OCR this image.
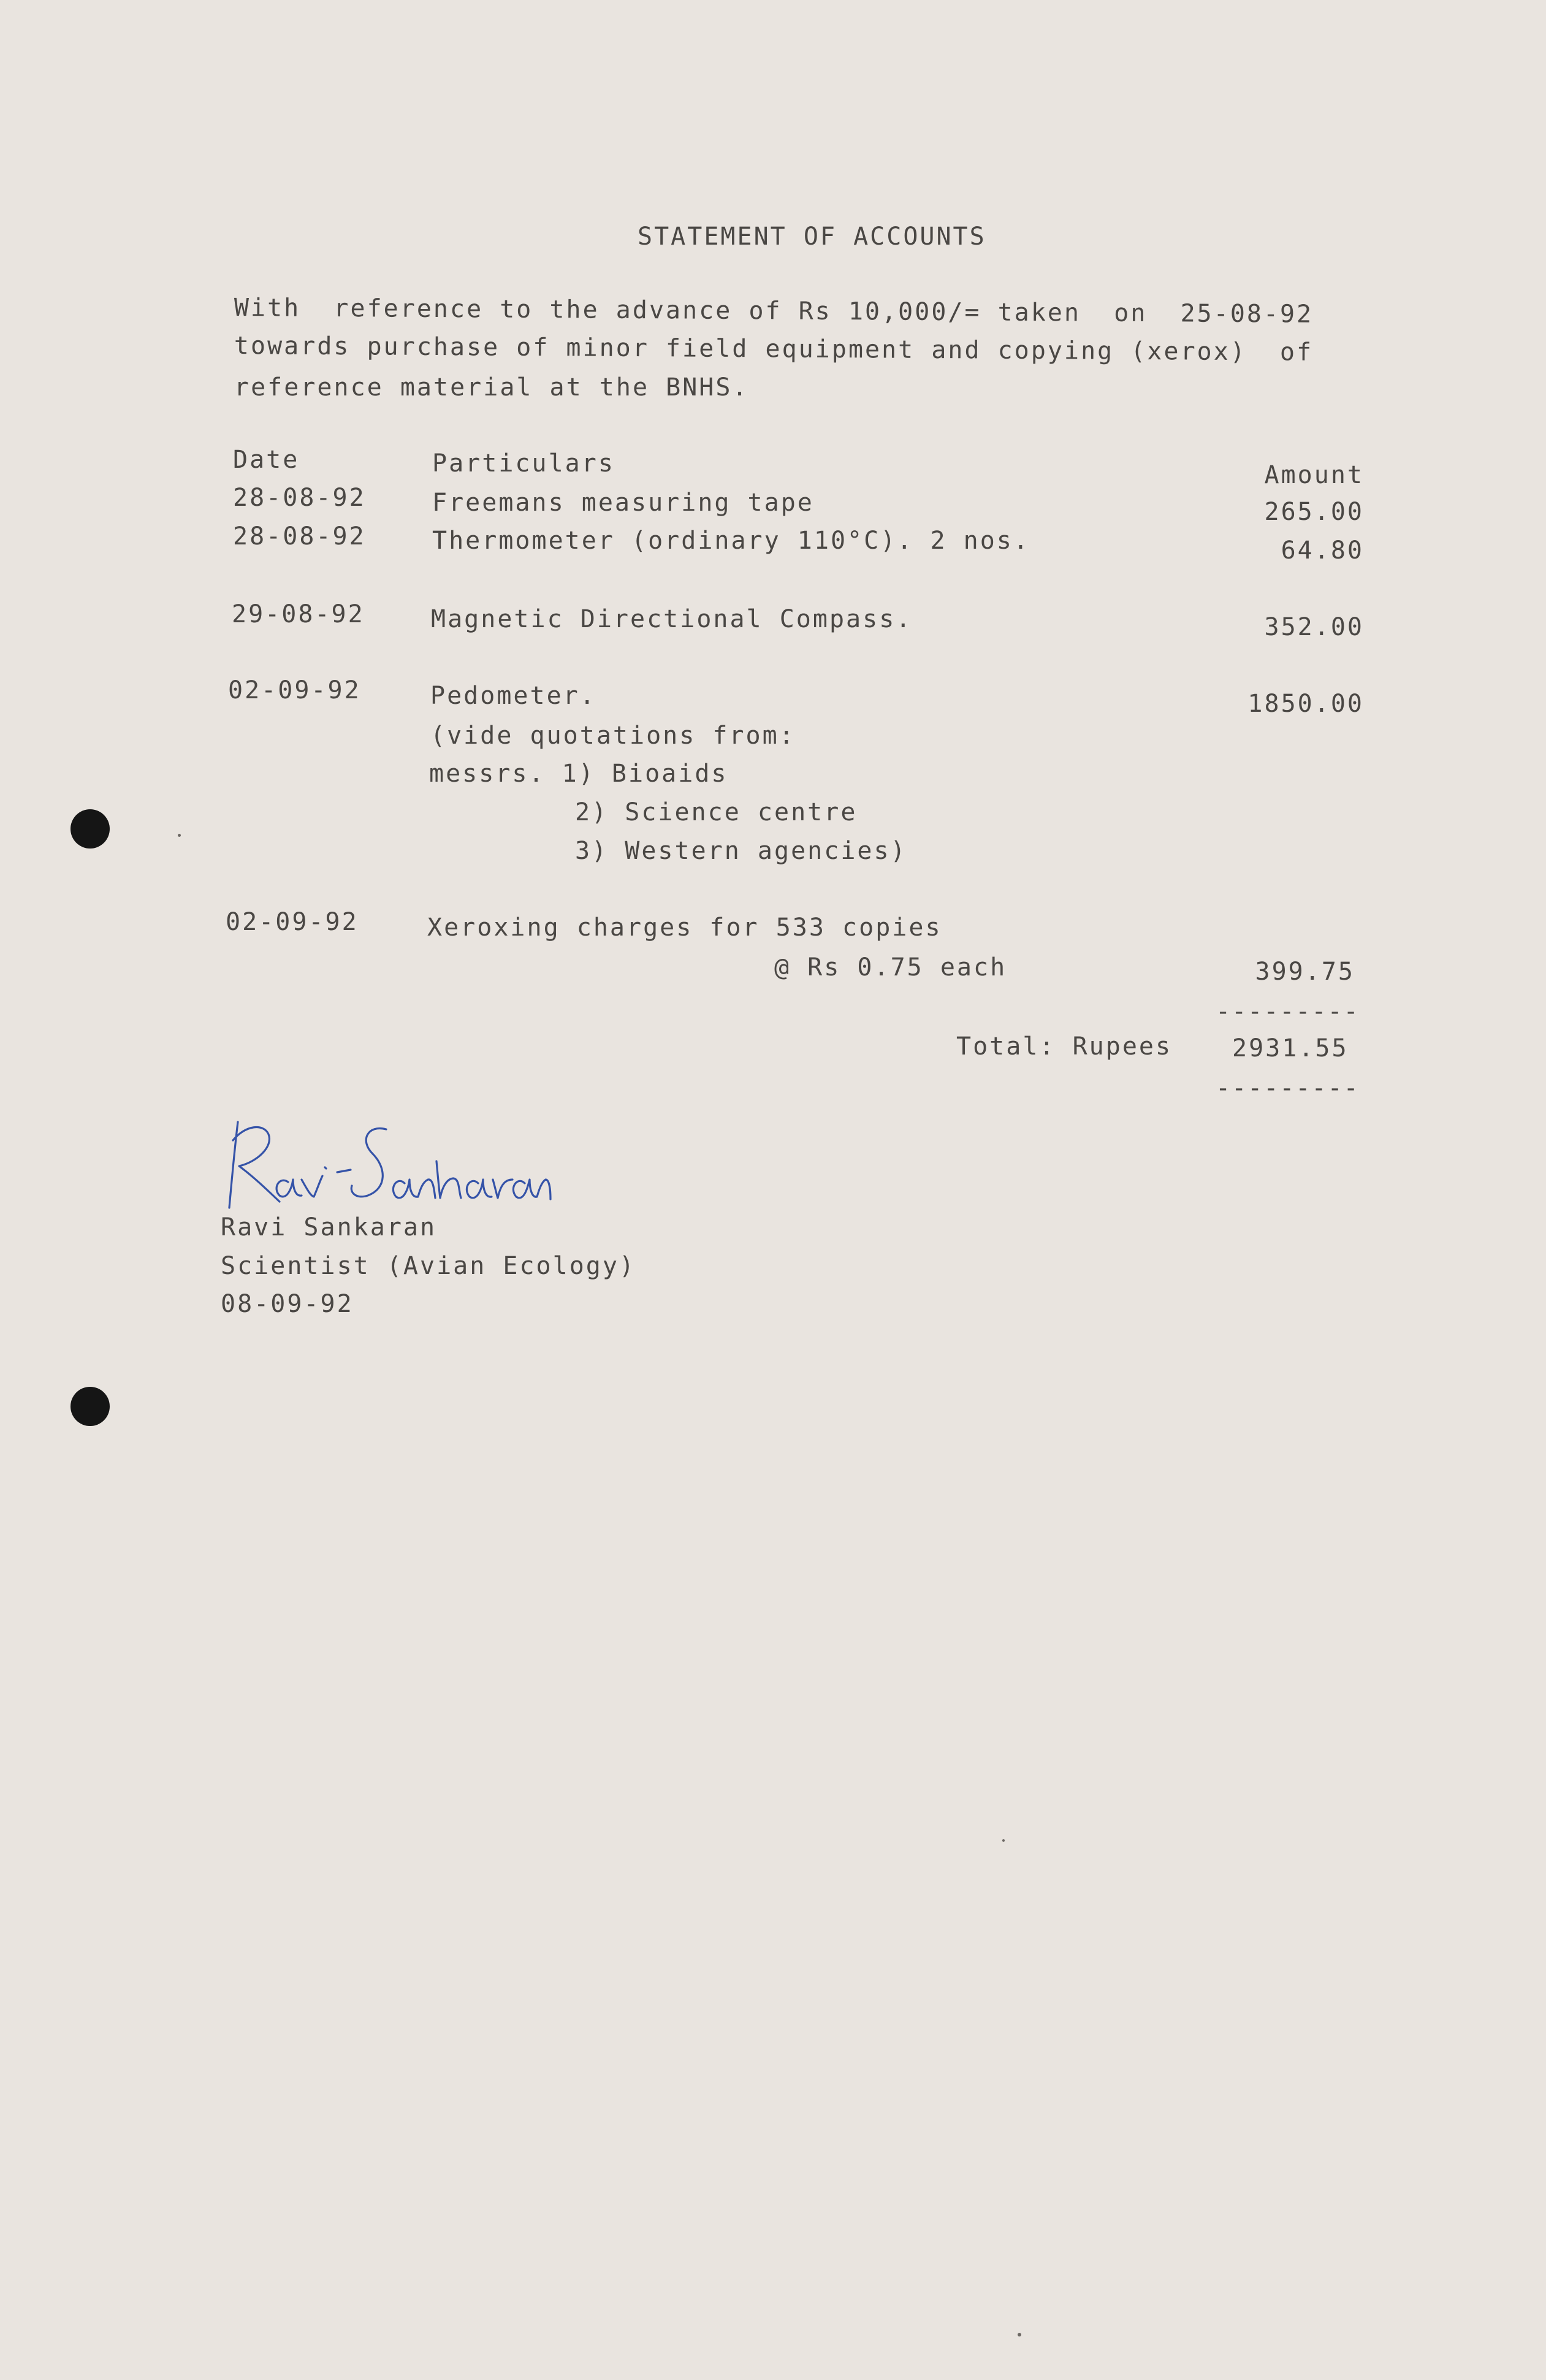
STATEMENT OF ACCOUNTS
With  reference to the advance of Rs 10,000/= taken  on  25-08-92
towards purchase of minor field equipment and copying (xerox)  of
reference material at the BNHS.
Date	Particulars	Amount
28-08-92	Freemans measuring tape	265.00
28-08-92	Thermometer (ordinary 110°C). 2 nos.	64.80
29-08-92	Magnetic Directional Compass.	352.00
02-09-92	Pedometer.	1850.00
(vide quotations from:
messrs. 1) Bioaids
2) Science centre
3) Western agencies)
02-09-92	Xeroxing charges for 533 copies
@ Rs 0.75 each	399.75
---------
Total: Rupees 2931.55
---------
Ravi Sankaran
Scientist (Avian Ecology)
08-09-92
